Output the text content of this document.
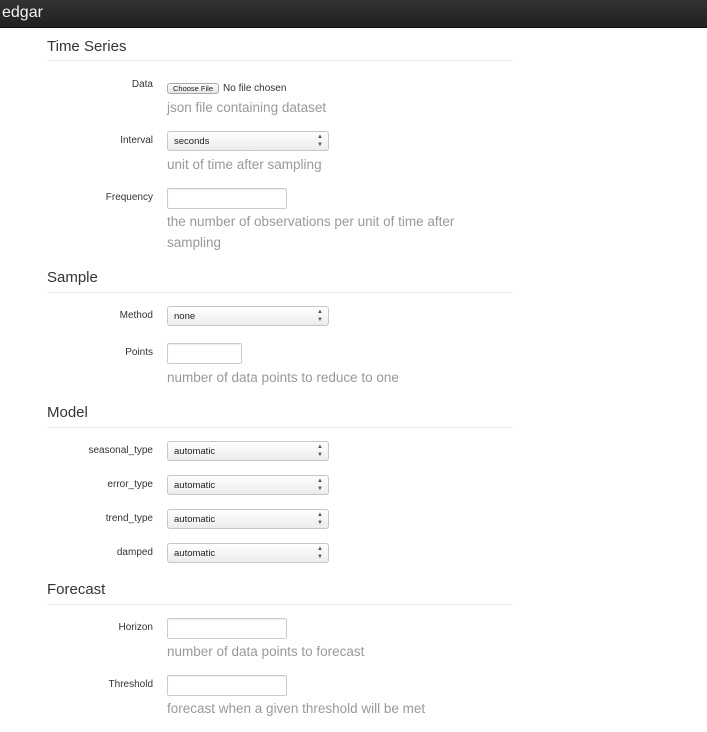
edgar
Time Series
Data	Choose File No file chosen
json file containing dataset
Interval seconds	▲
▼
unit of time after sampling
Frequency
the number of observations per unit of time after sampling
Sample
Method none	▲
▼
Points
number of data points to reduce to one
Model
seasonal_type automatic	▲
▼
error_type automatic	▲
▼
trend_type automatic	▲
▼
damped automatic	▲
▼
Forecast
Horizon
number of data points to forecast
Threshold
forecast when a given threshold will be met
